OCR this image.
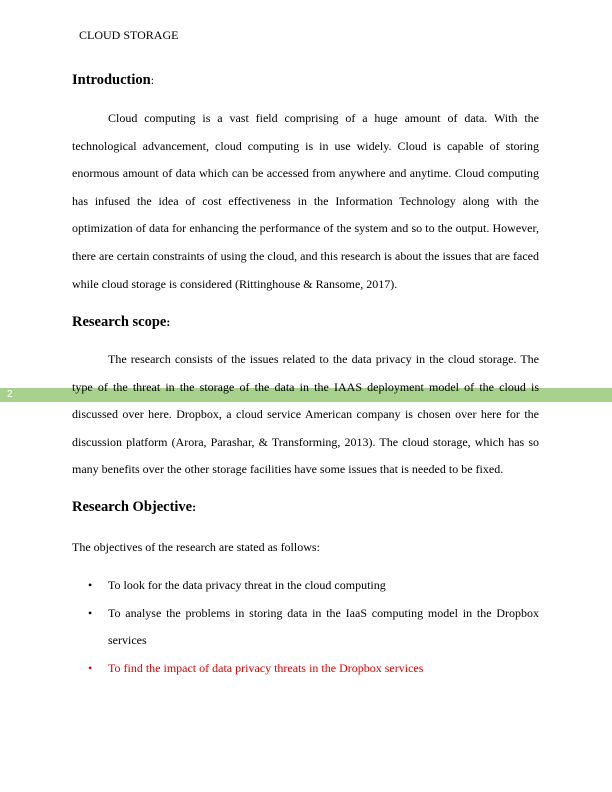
CLOUD STORAGE
Introduction:
Cloud computing is a vast field comprising of a huge amount of data. With the technological advancement, cloud computing is in use widely. Cloud is capable of storing enormous amount of data which can be accessed from anywhere and anytime. Cloud computing has infused the idea of cost effectiveness in the Information Technology along with the optimization of data for enhancing the performance of the system and so to the output. However, there are certain constraints of using the cloud, and this research is about the issues that are faced while cloud storage is considered (Rittinghouse & Ransome, 2017).
Research scope:
The research consists of the issues related to the data privacy in the cloud storage. The type of the threat in the storage of the data in the IAAS deployment model of the cloud is discussed over here. Dropbox, a cloud service American company is chosen over here for the discussion platform (Arora, Parashar, & Transforming, 2013). The cloud storage, which has so many benefits over the other storage facilities have some issues that is needed to be fixed.
2
Research Objective:
The objectives of the research are stated as follows:
• To look for the data privacy threat in the cloud computing
• To analyse the problems in storing data in the IaaS computing model in the Dropbox services
• To find the impact of data privacy threats in the Dropbox services
